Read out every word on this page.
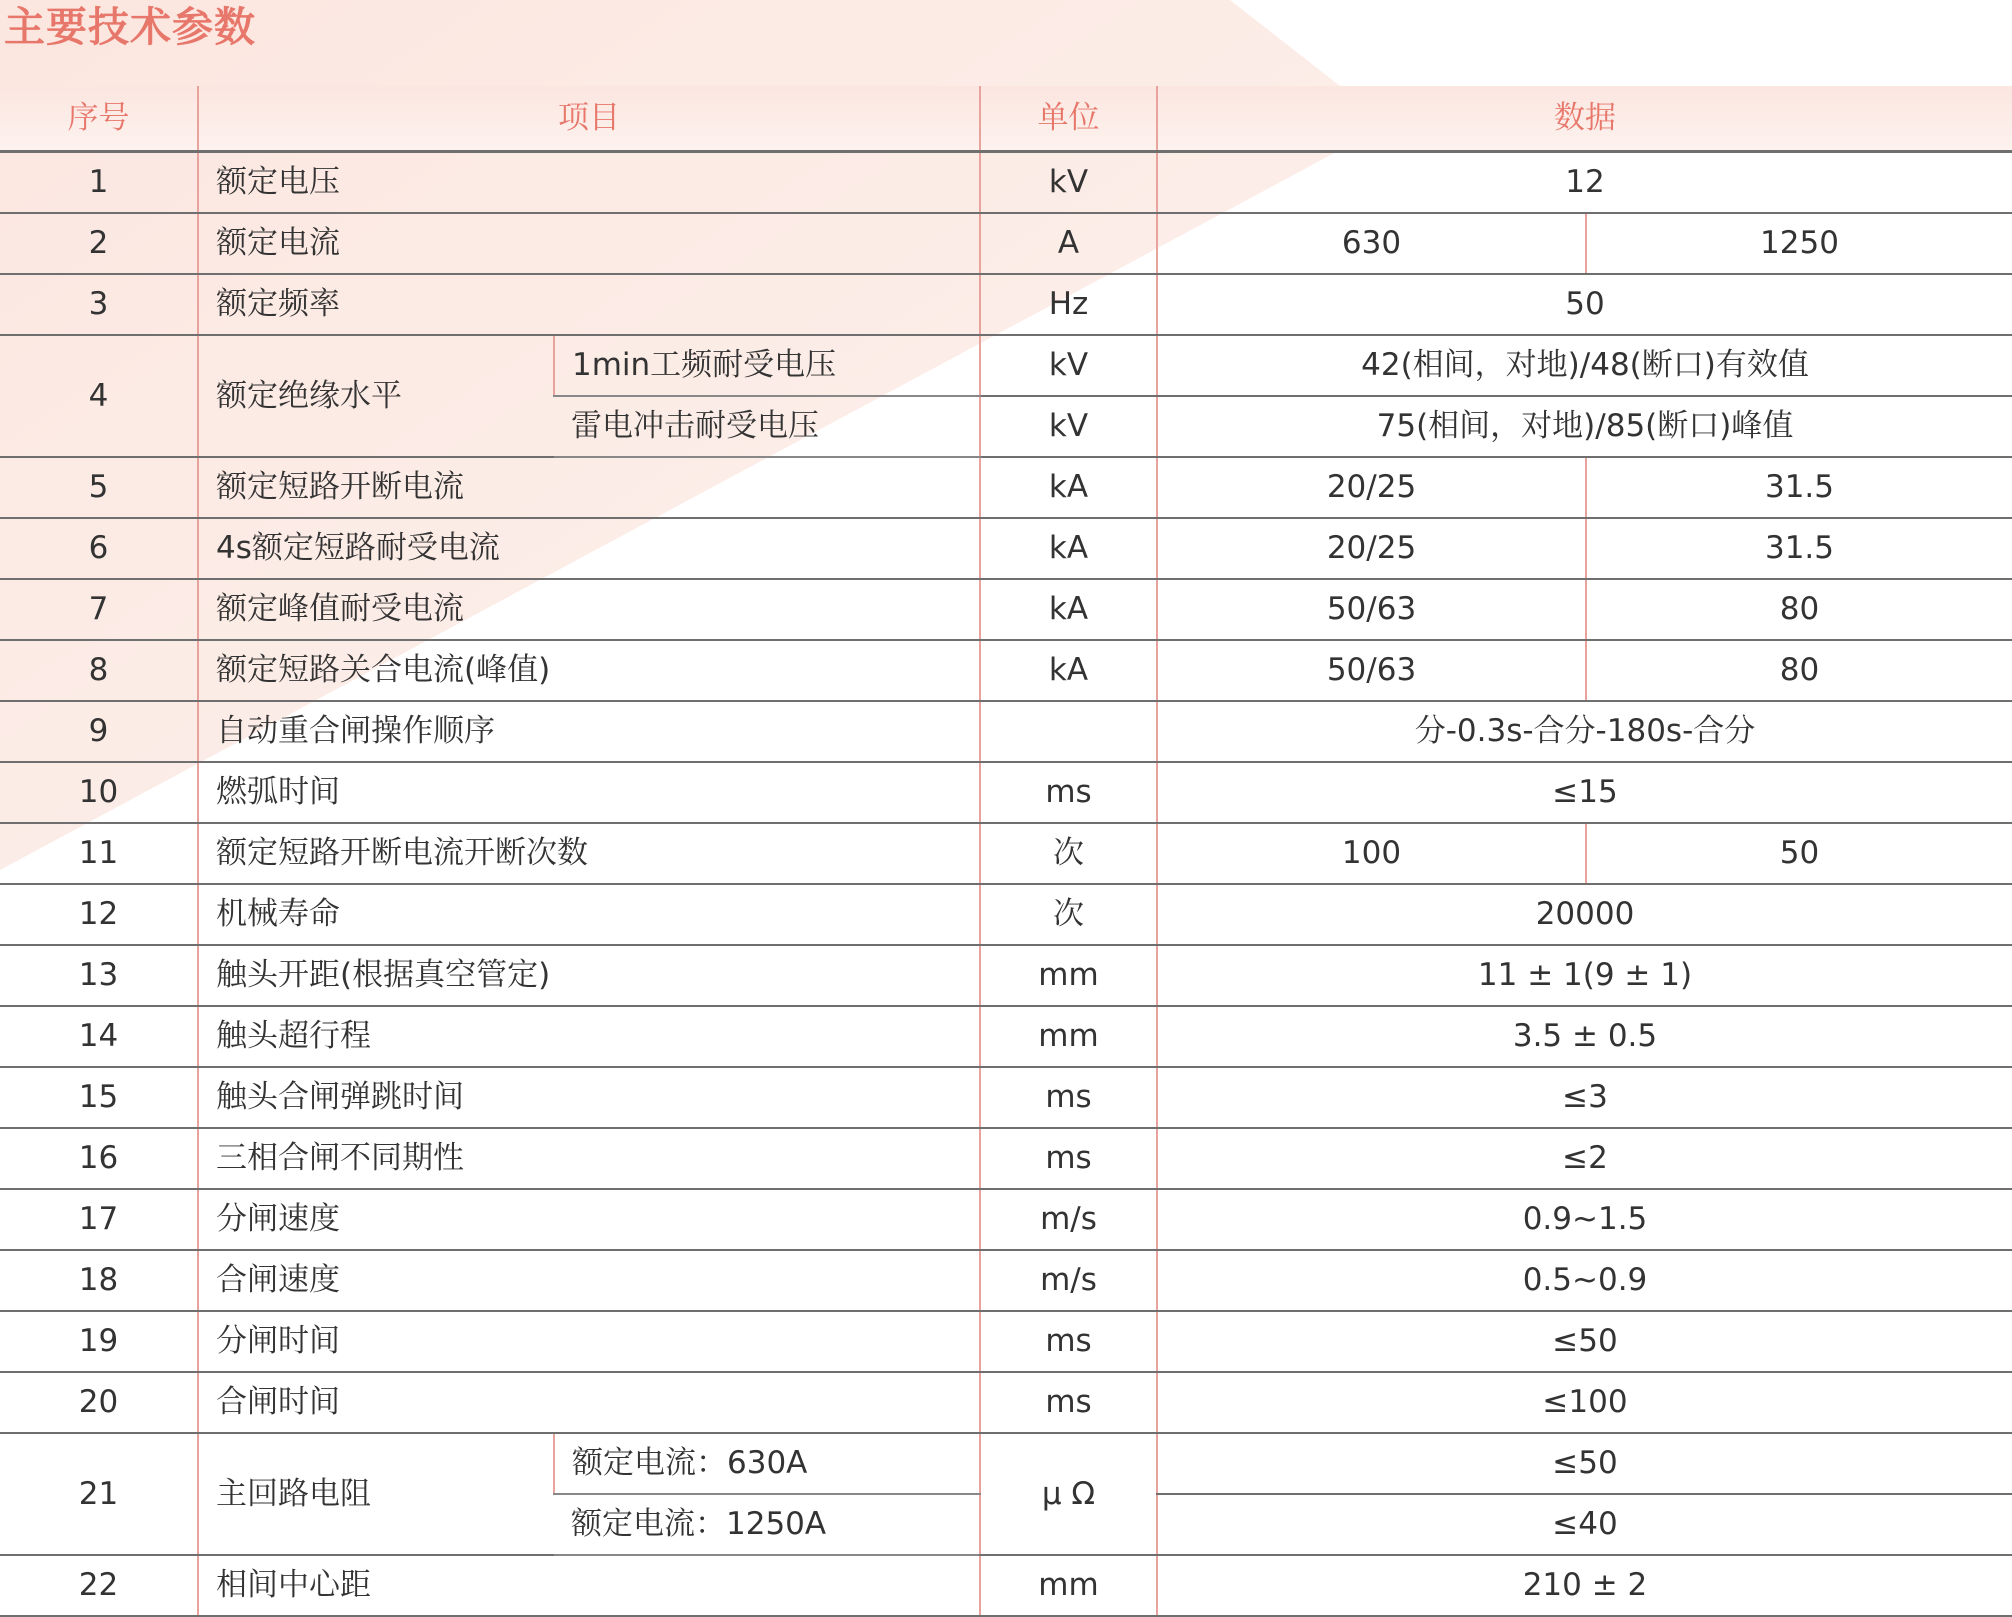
主要技术参数
序号	项目		单位	数据	
1	额定电压		kV	12	
2	额定电流		A	630	1250
3	额定频率		Hz	50	
4	额定绝缘水平	1min工频耐受电压	kV	42(相间，对地)/48(断口)有效值	
		雷电冲击耐受电压	kV	75(相间，对地)/85(断口)峰值	
5	额定短路开断电流		kA	20/25	31.5
6	4s额定短路耐受电流		kA	20/25	31.5
7	额定峰值耐受电流		kA	50/63	80
8	额定短路关合电流(峰值)		kA	50/63	80
9	自动重合闸操作顺序			分-0.3s-合分-180s-合分	
10	燃弧时间		ms	≤15	
11	额定短路开断电流开断次数		次	100	50
12	机械寿命		次	20000	
13	触头开距(根据真空管定)		mm	11 ± 1(9 ± 1)	
14	触头超行程		mm	3.5 ± 0.5	
15	触头合闸弹跳时间		ms	≤3	
16	三相合闸不同期性		ms	≤2	
17	分闸速度		m/s	0.9~1.5	
18	合闸速度		m/s	0.5~0.9	
19	分闸时间		ms	≤50	
20	合闸时间		ms	≤100	
21	主回路电阻	额定电流：630A	μ Ω	≤50	
		额定电流：1250A		≤40	
22	相间中心距		mm	210 ± 2	
